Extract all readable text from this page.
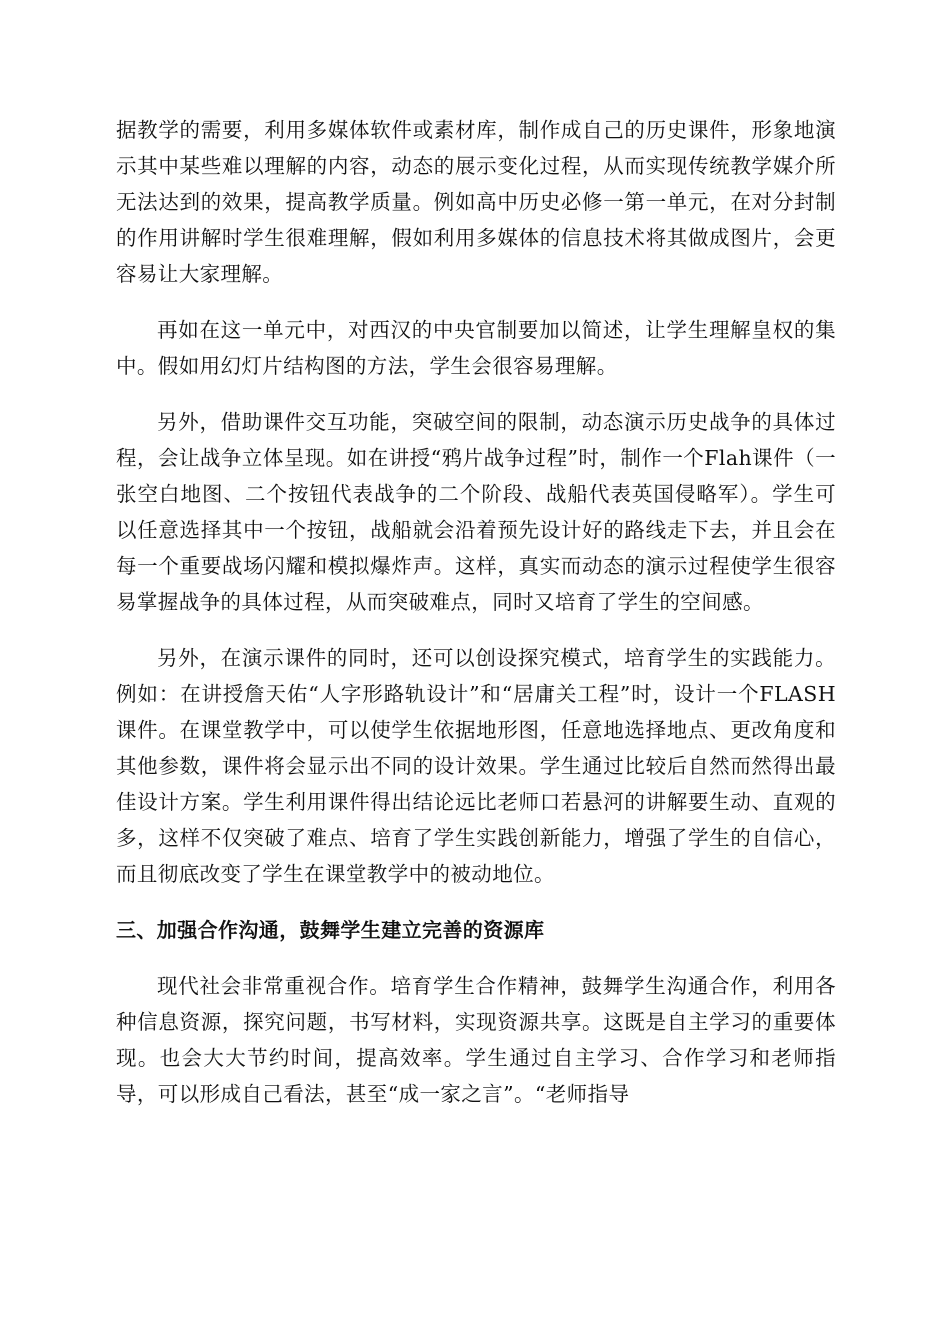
据教学的需要，利用多媒体软件或素材库，制作成自己的历史课件，形象地演示其中某些难以理解的内容，动态的展示变化过程，从而实现传统教学媒介所无法达到的效果，提高教学质量。例如高中历史必修一第一单元，在对分封制的作用讲解时学生很难理解，假如利用多媒体的信息技术将其做成图片，会更容易让大家理解。

再如在这一单元中，对西汉的中央官制要加以简述，让学生理解皇权的集中。假如用幻灯片结构图的方法，学生会很容易理解。

另外，借助课件交互功能，突破空间的限制，动态演示历史战争的具体过程，会让战争立体呈现。如在讲授“鸦片战争过程”时，制作一个Flah课件（一张空白地图、二个按钮代表战争的二个阶段、战船代表英国侵略军）。学生可以任意选择其中一个按钮，战船就会沿着预先设计好的路线走下去，并且会在每一个重要战场闪耀和模拟爆炸声。这样，真实而动态的演示过程使学生很容易掌握战争的具体过程，从而突破难点，同时又培育了学生的空间感。

另外，在演示课件的同时，还可以创设探究模式，培育学生的实践能力。例如：在讲授詹天佑“人字形路轨设计”和“居庸关工程”时，设计一个FLASH课件。在课堂教学中，可以使学生依据地形图，任意地选择地点、更改角度和其他参数，课件将会显示出不同的设计效果。学生通过比较后自然而然得出最佳设计方案。学生利用课件得出结论远比老师口若悬河的讲解要生动、直观的多，这样不仅突破了难点、培育了学生实践创新能力，增强了学生的自信心，而且彻底改变了学生在课堂教学中的被动地位。

三、加强合作沟通，鼓舞学生建立完善的资源库

现代社会非常重视合作。培育学生合作精神，鼓舞学生沟通合作，利用各种信息资源，探究问题，书写材料，实现资源共享。这既是自主学习的重要体现。也会大大节约时间，提高效率。学生通过自主学习、合作学习和老师指导，可以形成自己看法，甚至“成一家之言”。“老师指导
